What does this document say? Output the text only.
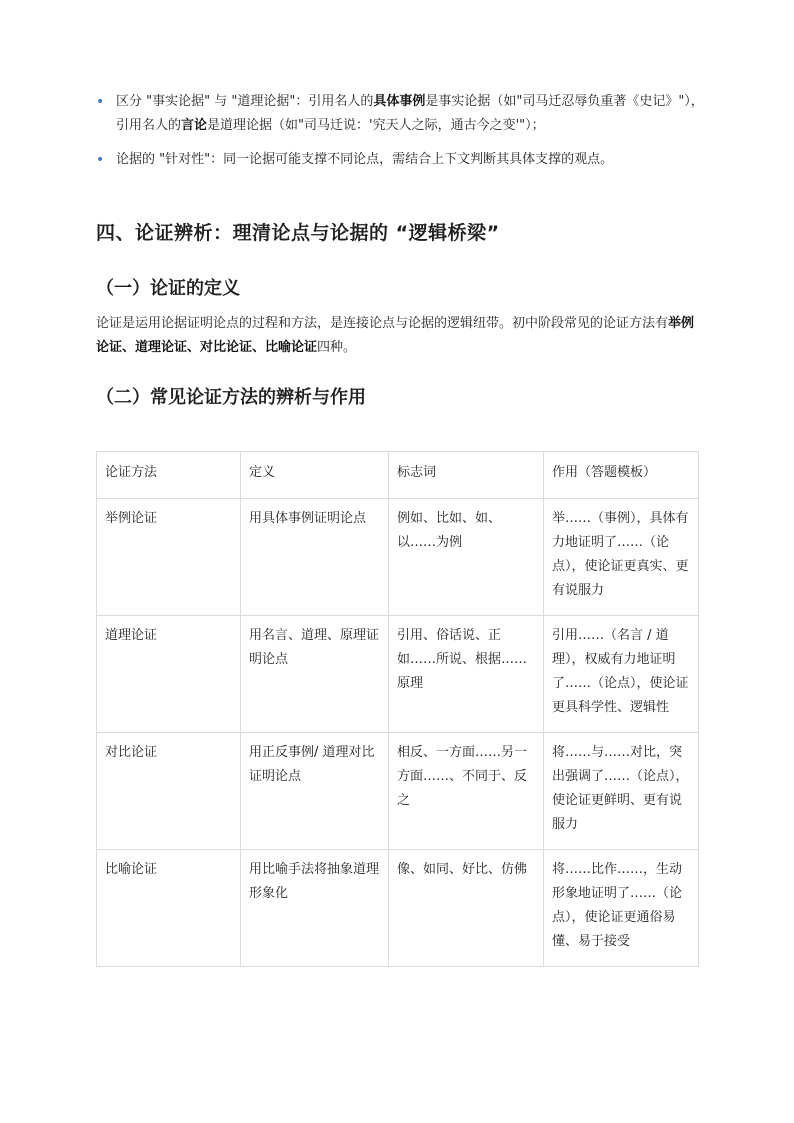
• 区分 "事实论据" 与 "道理论据"：引用名人的具体事例是事实论据（如"司马迁忍辱负重著《史记》"），引用名人的言论是道理论据（如"司马迁说：'究天人之际，通古今之变'"）；
• 论据的 "针对性"：同一论据可能支撑不同论点，需结合上下文判断其具体支撑的观点。
四、论证辨析：理清论点与论据的 “逻辑桥梁”
（一）论证的定义

论证是运用论据证明论点的过程和方法，是连接论点与论据的逻辑纽带。初中阶段常见的论证方法有举例论证、道理论证、对比论证、比喻论证四种。

（二）常见论证方法的辨析与作用
论证方法	定义	标志词	作用（答题模板）
举例论证	用具体事例证明论点	例如、比如、如、以……为例	举……（事例），具体有力地证明了……（论点），使论证更真实、更有说服力
道理论证	用名言、道理、原理证明论点	引用、俗话说、正如……所说、根据……原理	引用……（名言 / 道理），权威有力地证明了……（论点），使论证更具科学性、逻辑性
对比论证	用正反事例/ 道理对比证明论点	相反、一方面……另一方面……、不同于、反之	将……与……对比，突出强调了……（论点），使论证更鲜明、更有说服力
比喻论证	用比喻手法将抽象道理形象化	像、如同、好比、仿佛	将……比作……，生动形象地证明了……（论点），使论证更通俗易懂、易于接受
